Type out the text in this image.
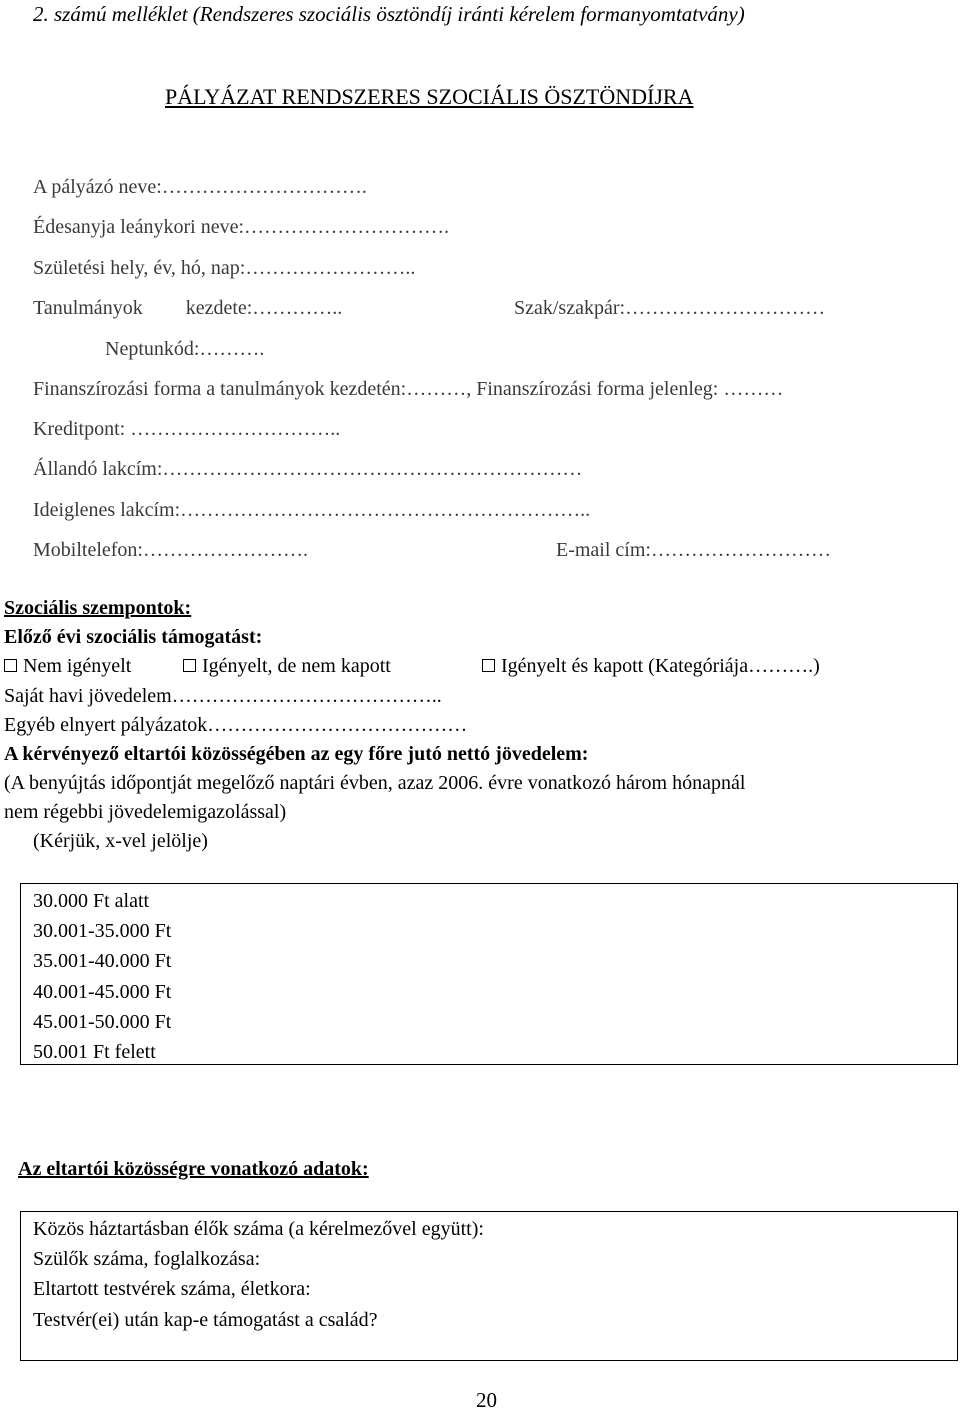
2. számú melléklet (Rendszeres szociális ösztöndíj iránti kérelem formanyomtatvány)
PÁLYÁZAT RENDSZERES SZOCIÁLIS ÖSZTÖNDÍJRA
A pályázó neve:………………………….
Édesanyja leánykori neve:………………………….
Születési hely, év, hó, nap:……………………..
Tanulmányok kezdete:…………..	Szak/szakpár:…………………………
Neptunkód:……….
Finanszírozási forma a tanulmányok kezdetén:………, Finanszírozási forma jelenleg: ………
Kreditpont: …………………………..
Állandó lakcím:………………………………………………………
Ideiglenes lakcím:……………………………………………………..
Mobiltelefon:…………………….	E-mail cím:………………………
Szociális szempontok:
Előző évi szociális támogatást:
Nem igényelt	Igényelt, de nem kapott	Igényelt és kapott (Kategóriája……….)
Saját havi jövedelem…………………………………..
Egyéb elnyert pályázatok…………………………………
A kérvényező eltartói közösségében az egy főre jutó nettó jövedelem:
(A benyújtás időpontját megelőző naptári évben, azaz 2006. évre vonatkozó három hónapnál
nem régebbi jövedelemigazolással)
(Kérjük, x-vel jelölje)
30.000 Ft alatt
30.001-35.000 Ft
35.001-40.000 Ft
40.001-45.000 Ft
45.001-50.000 Ft
50.001 Ft felett
Az eltartói közösségre vonatkozó adatok:
Közös háztartásban élők száma (a kérelmezővel együtt):
Szülők száma, foglalkozása:
Eltartott testvérek száma, életkora:
Testvér(ei) után kap-e támogatást a család?
20
